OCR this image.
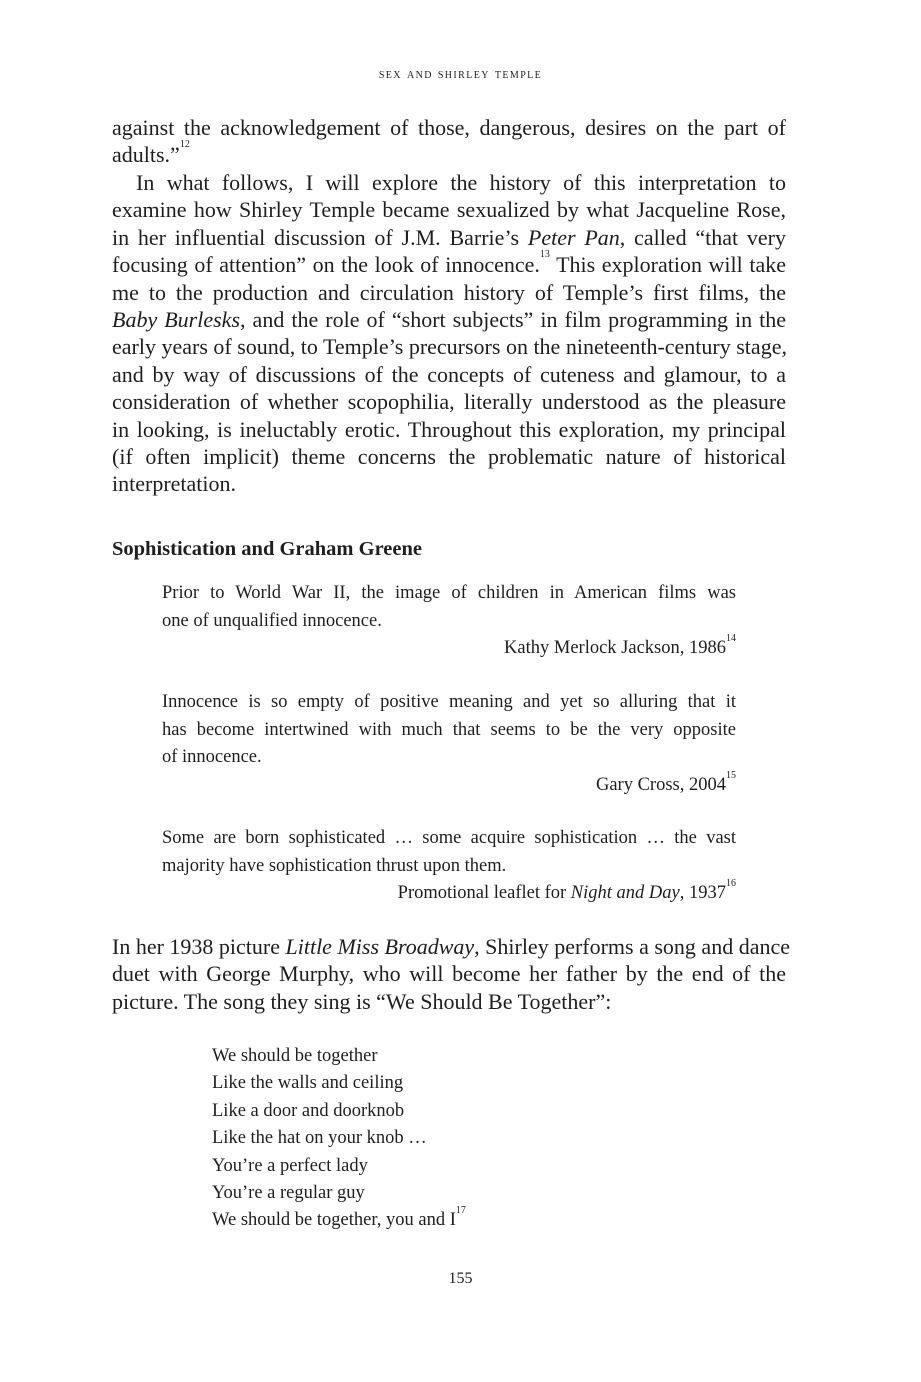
sex and shirley temple
against the acknowledgement of those, dangerous, desires on the part of
adults.”$^{12}$
In what follows, I will explore the history of this interpretation to
examine how Shirley Temple became sexualized by what Jacqueline Rose,
in her influential discussion of J.M. Barrie’s Peter Pan, called “that very
focusing of attention” on the look of innocence.$^{13}$ This exploration will take
me to the production and circulation history of Temple’s first films, the
Baby Burlesks, and the role of “short subjects” in film programming in the
early years of sound, to Temple’s precursors on the nineteenth-century stage,
and by way of discussions of the concepts of cuteness and glamour, to a
consideration of whether scopophilia, literally understood as the pleasure
in looking, is ineluctably erotic. Throughout this exploration, my principal
(if often implicit) theme concerns the problematic nature of historical
interpretation.
Sophistication and Graham Greene
Prior to World War II, the image of children in American films was
one of unqualified innocence.
Kathy Merlock Jackson, 1986$^{14}$
Innocence is so empty of positive meaning and yet so alluring that it
has become intertwined with much that seems to be the very opposite
of innocence.
Gary Cross, 2004$^{15}$
Some are born sophisticated … some acquire sophistication … the vast
majority have sophistication thrust upon them.
Promotional leaflet for Night and Day, 1937$^{16}$
In her 1938 picture Little Miss Broadway, Shirley performs a song and dance
duet with George Murphy, who will become her father by the end of the
picture. The song they sing is “We Should Be Together”:
We should be together
Like the walls and ceiling
Like a door and doorknob
Like the hat on your knob …
You’re a perfect lady
You’re a regular guy
We should be together, you and $I^{17}$
155
